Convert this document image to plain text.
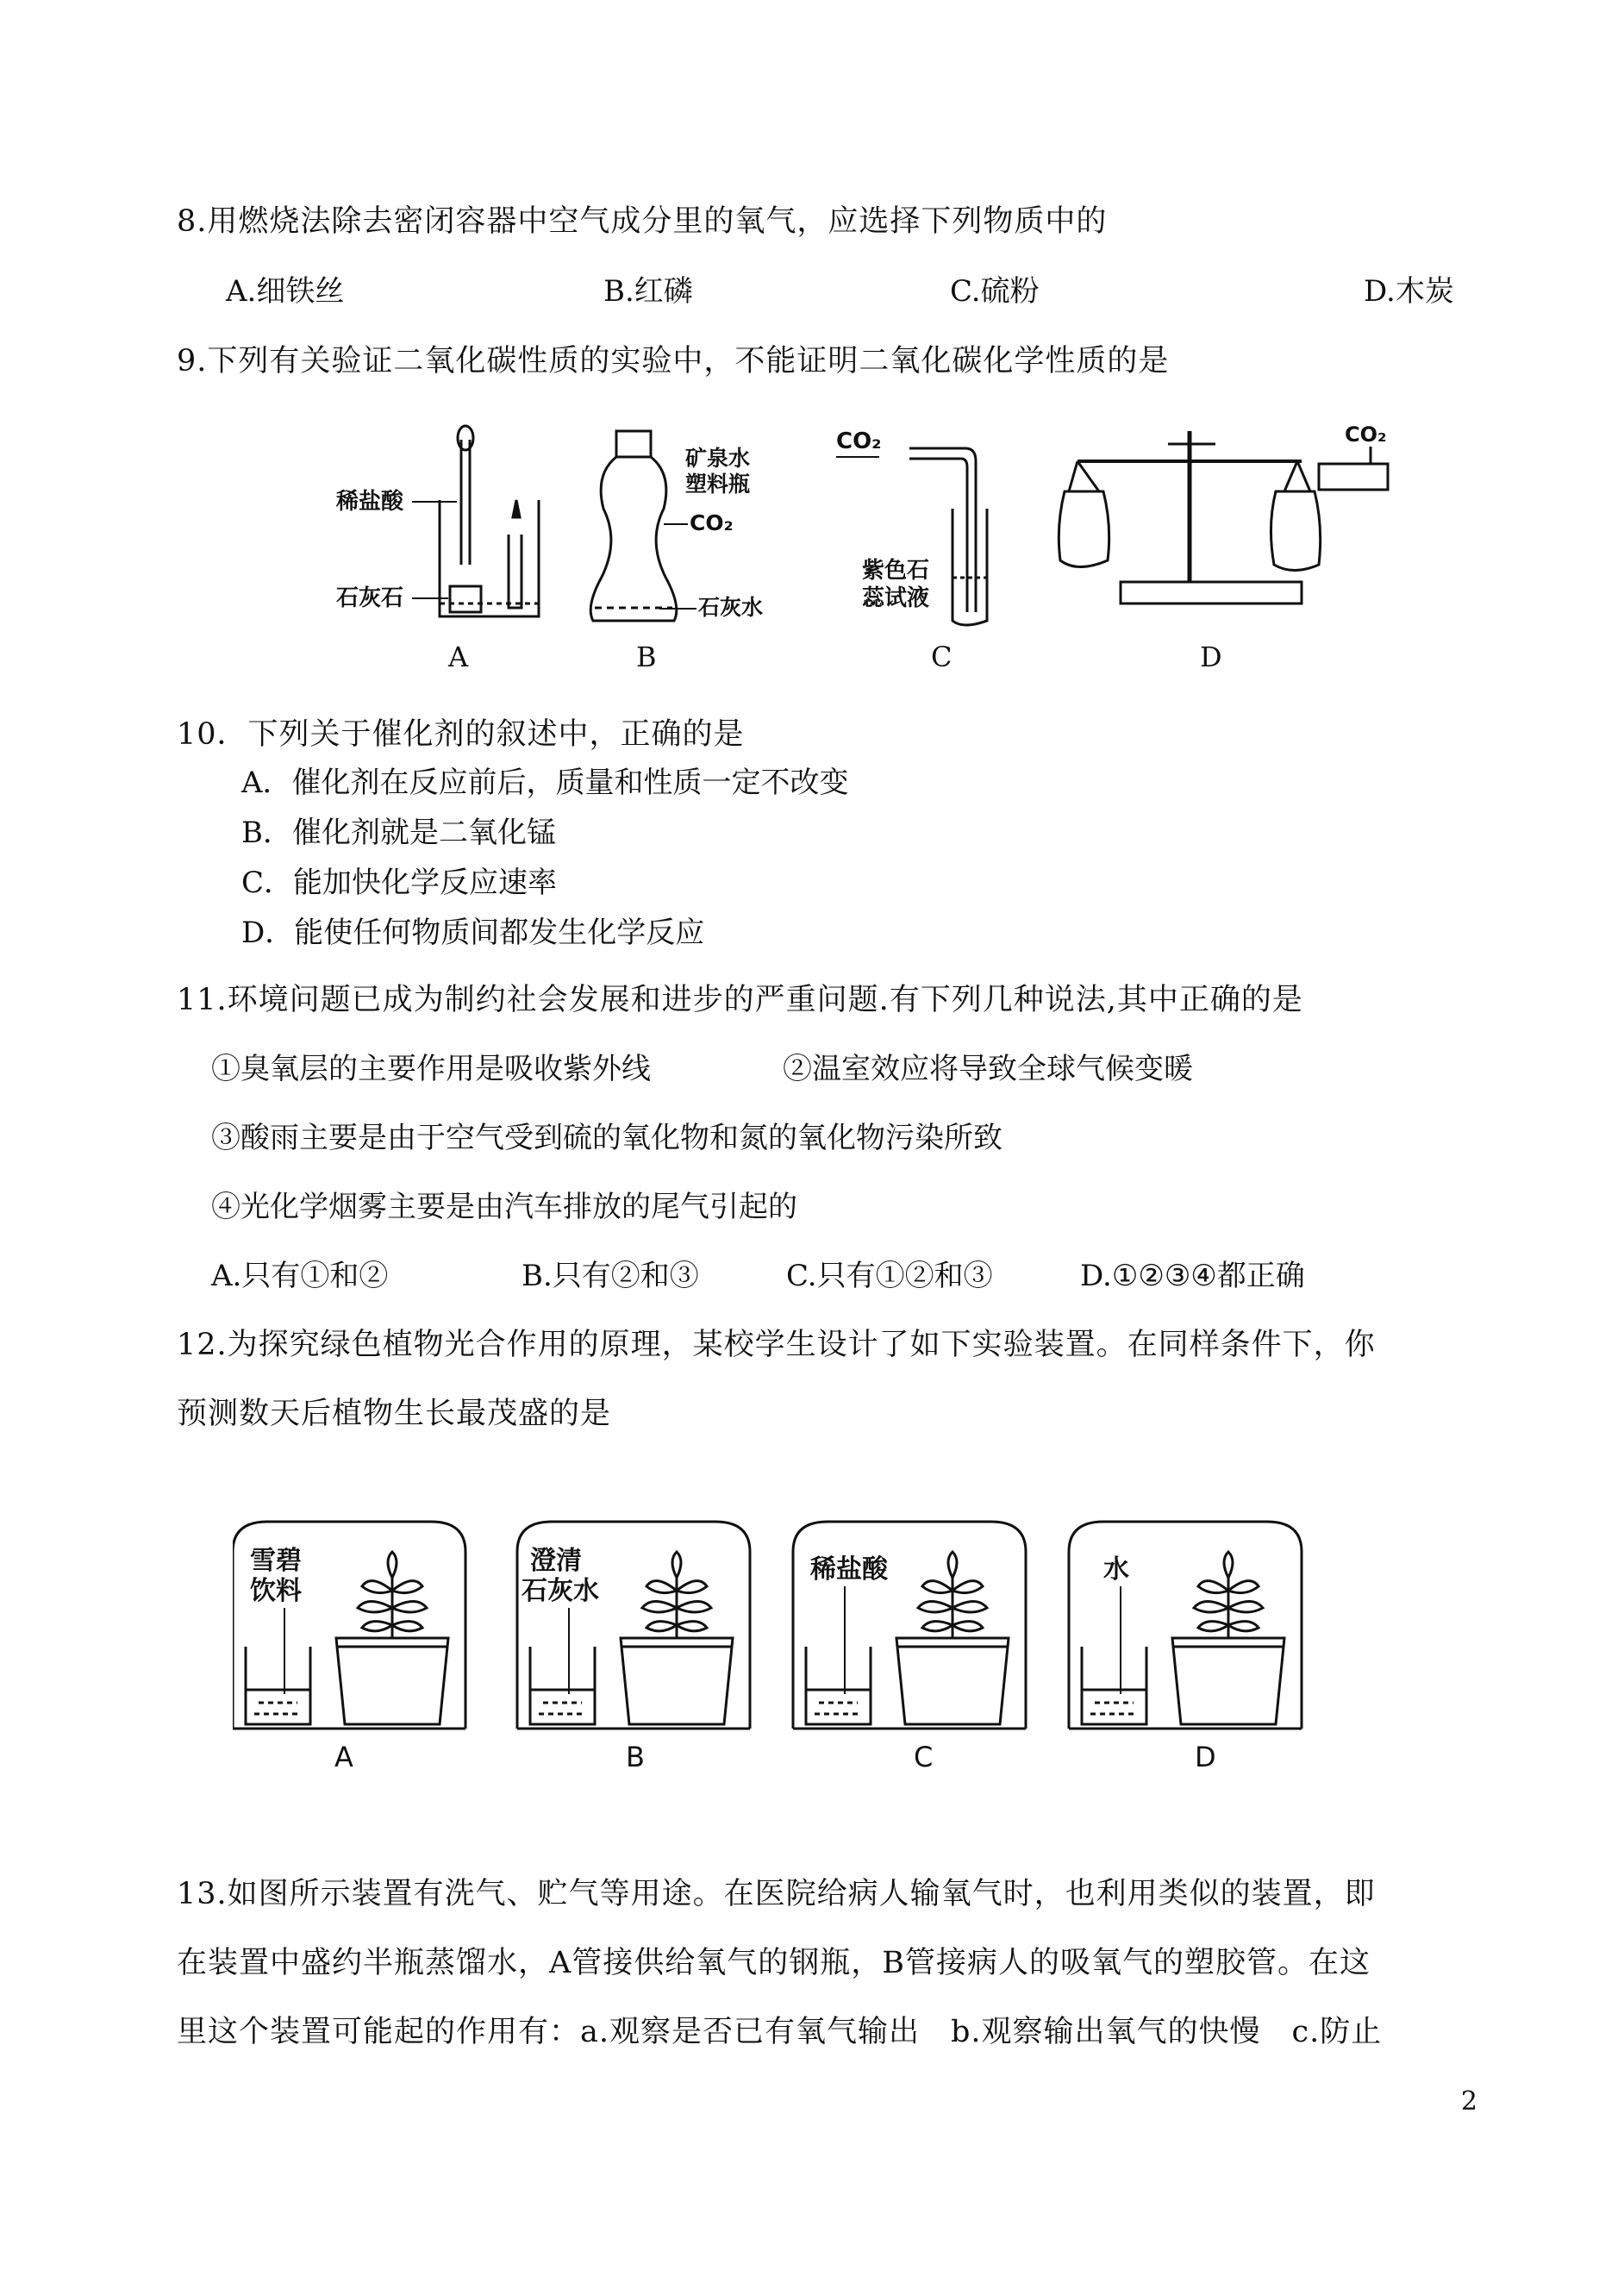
8.用燃烧法除去密闭容器中空气成分里的氧气，应选择下列物质中的
A.细铁丝	B.红磷	C.硫粉	D.木炭
9.下列有关验证二氧化碳性质的实验中，不能证明二氧化碳化学性质的是
稀盐酸
石灰石
矿泉水
塑料瓶
CO₂
石灰水
CO₂
紫色石
蕊试液
CO₂
A	B	C	D
10．下列关于催化剂的叙述中，正确的是
A．催化剂在反应前后，质量和性质一定不改变
B．催化剂就是二氧化锰
C．能加快化学反应速率
D．能使任何物质间都发生化学反应
11.环境问题已成为制约社会发展和进步的严重问题.有下列几种说法,其中正确的是
①臭氧层的主要作用是吸收紫外线	②温室效应将导致全球气候变暖
③酸雨主要是由于空气受到硫的氧化物和氮的氧化物污染所致
④光化学烟雾主要是由汽车排放的尾气引起的
A.只有①和②	B.只有②和③	C.只有①②和③	D.①②③④都正确
12.为探究绿色植物光合作用的原理，某校学生设计了如下实验装置。在同样条件下，你
预测数天后植物生长最茂盛的是
雪碧
饮料
澄清
石灰水
稀盐酸	水
A	B	C	D
13.如图所示装置有洗气、贮气等用途。在医院给病人输氧气时，也利用类似的装置，即
在装置中盛约半瓶蒸馏水，A管接供给氧气的钢瓶，B管接病人的吸氧气的塑胶管。在这
里这个装置可能起的作用有：a.观察是否已有氧气输出　b.观察输出氧气的快慢　c.防止
2
